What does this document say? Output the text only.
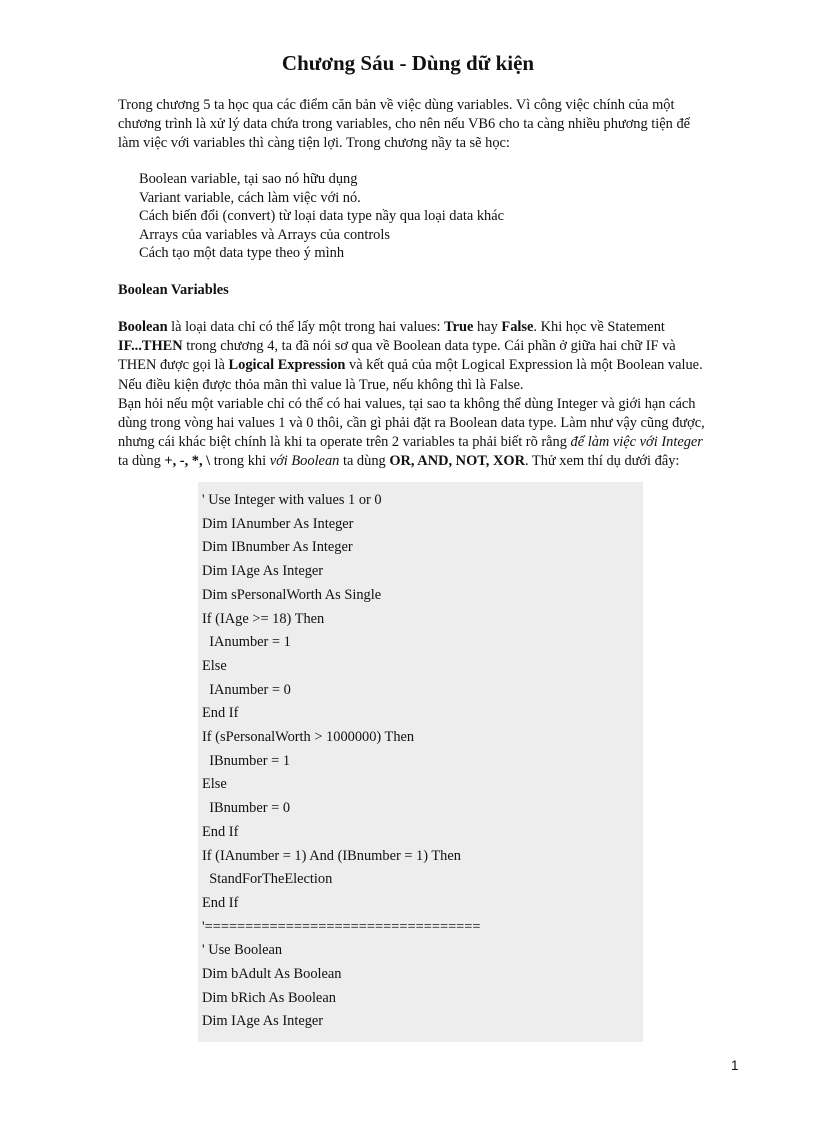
Chương Sáu - Dùng dữ kiện
Trong chương 5 ta học qua các điểm căn bản về việc dùng variables. Vì công việc chính của một
chương trình là xử lý data chứa trong variables, cho nên nếu VB6 cho ta càng nhiều phương tiện để
làm việc với variables thì càng tiện lợi. Trong chương nầy ta sẽ học:
Boolean variable, tại sao nó hữu dụng
Variant variable, cách làm việc với nó.
Cách biến đổi (convert) từ loại data type nầy qua loại data khác
Arrays của variables và Arrays của controls
Cách tạo một data type theo ý mình
Boolean Variables
Boolean là loại data chỉ có thể lấy một trong hai values: True hay False. Khi học về Statement
IF...THEN trong chương 4, ta đã nói sơ qua về Boolean data type. Cái phần ở giữa hai chữ IF và
THEN được gọi là Logical Expression và kết quả của một Logical Expression là một Boolean value.
Nếu điều kiện được thỏa mãn thì value là True, nếu không thì là False.
Bạn hỏi nếu một variable chỉ có thể có hai values, tại sao ta không thể dùng Integer và giới hạn cách
dùng trong vòng hai values 1 và 0 thôi, cần gì phải đặt ra Boolean data type. Làm như vậy cũng được,
nhưng cái khác biệt chính là khi ta operate trên 2 variables ta phải biết rõ rằng để làm việc với Integer
ta dùng +, -, *, \ trong khi với Boolean ta dùng OR, AND, NOT, XOR. Thử xem thí dụ dưới đây:
' Use Integer with values 1 or 0
Dim IAnumber As Integer
Dim IBnumber As Integer
Dim IAge As Integer
Dim sPersonalWorth As Single
If (IAge >= 18) Then
IAnumber = 1
Else
IAnumber = 0
End If
If (sPersonalWorth > 1000000) Then
IBnumber = 1
Else
IBnumber = 0
End If
If (IAnumber = 1) And (IBnumber = 1) Then
StandForTheElection
End If
'==================================
' Use Boolean
Dim bAdult As Boolean
Dim bRich As Boolean
Dim IAge As Integer
1
